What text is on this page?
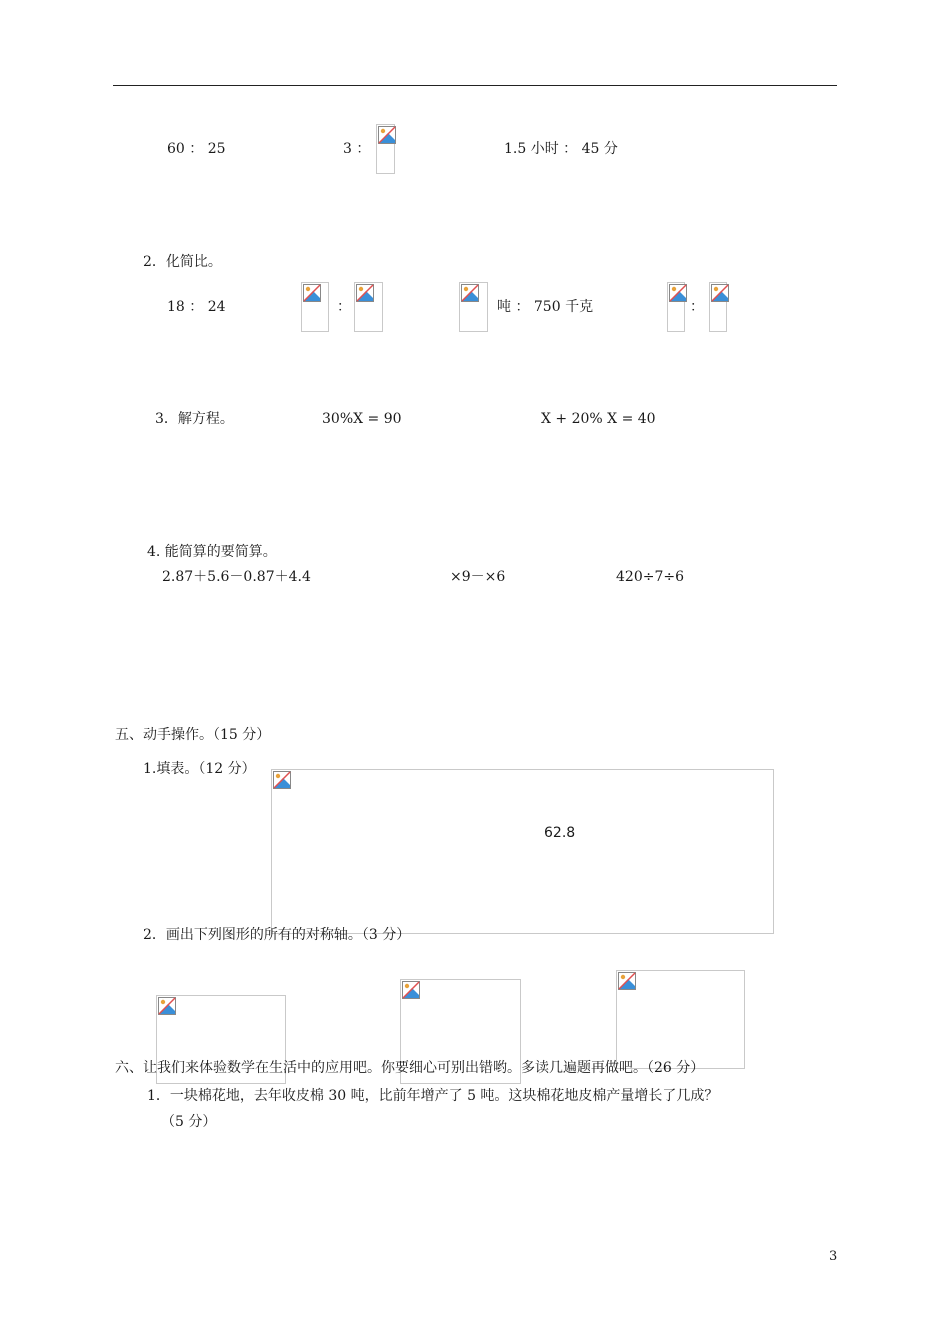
60 ： 25	3 ：	1.5 小时 ： 45 分
2．化简比。
18 ： 24	：	吨 ： 750 千克	：
3．解方程。	30%X = 90	X + 20% X = 40
4. 能简算的要简算。
2.87＋5.6－0.87＋4.4	×9－×6	420÷7÷6
五、动手操作。（15 分）
1.填表。（12 分）
62.8
2．画出下列图形的所有的对称轴。（3 分）
六、让我们来体验数学在生活中的应用吧。你要细心可别出错哟。多读几遍题再做吧。（26 分）
1．一块棉花地，去年收皮棉 30 吨，比前年增产了 5 吨。这块棉花地皮棉产量增长了几成？
（5 分）
3
